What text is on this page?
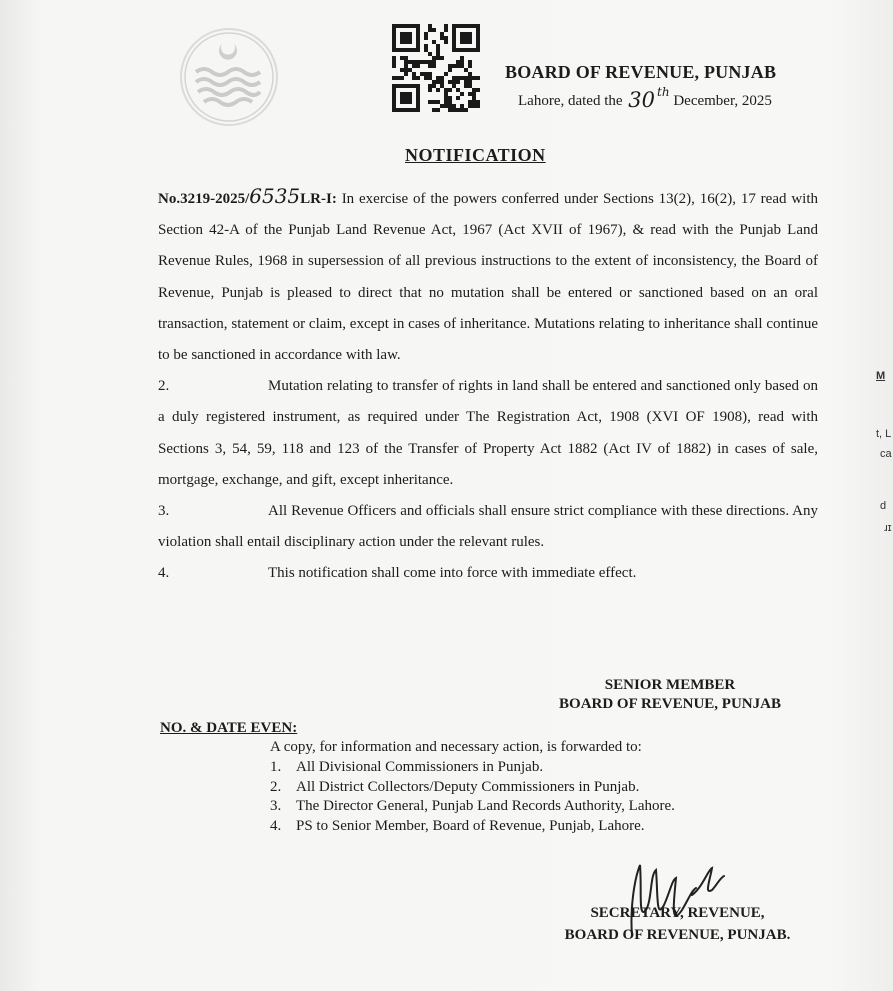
BOARD OF REVENUE, PUNJAB
Lahore, dated the 30 $^{th}$ December, 2025
NOTIFICATION

No.3219-2025/6535LR-I: In exercise of the powers conferred under Sections 13(2), 16(2), 17 read with Section 42-A of the Punjab Land Revenue Act, 1967 (Act XVII of 1967), & read with the Punjab Land Revenue Rules, 1968 in supersession of all previous instructions to the extent of inconsistency, the Board of Revenue, Punjab is pleased to direct that no mutation shall be entered or sanctioned based on an oral transaction, statement or claim, except in cases of inheritance. Mutations relating to inheritance shall continue to be sanctioned in accordance with law.

2.	Mutation relating to transfer of rights in land shall be entered and sanctioned only based on a duly registered instrument, as required under The Registration Act, 1908 (XVI OF 1908), read with Sections 3, 54, 59, 118 and 123 of the Transfer of Property Act 1882 (Act IV of 1882) in cases of sale, mortgage, exchange, and gift, except inheritance.

3.	All Revenue Officers and officials shall ensure strict compliance with these directions. Any violation shall entail disciplinary action under the relevant rules.

4.	This notification shall come into force with immediate effect.

SENIOR MEMBER
BOARD OF REVENUE, PUNJAB
NO. & DATE EVEN:
A copy, for information and necessary action, is forwarded to:
1. All Divisional Commissioners in Punjab.
2. All District Collectors/Deputy Commissioners in Punjab.
3. The Director General, Punjab Land Records Authority, Lahore.
4. PS to Senior Member, Board of Revenue, Punjab, Lahore.
SECRETARY, REVENUE,
BOARD OF REVENUE, PUNJAB.
M
t, L
ca
d
ɹɪ
